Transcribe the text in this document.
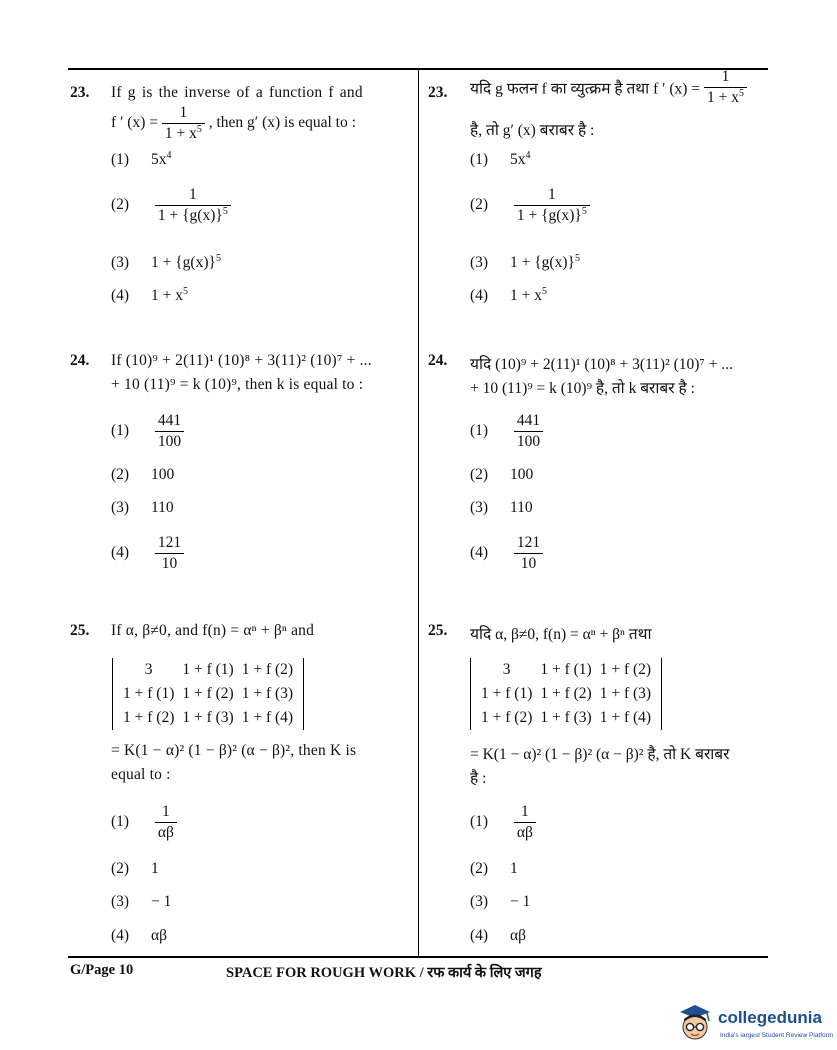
23. If g is the inverse of a function f and
f ′ $(x) = \frac{1}{1 + x^5}$ , then g′ (x) is equal to :
(1) $5x^4$
$(2) \frac{1}{1 + \{g(x)\}^5}$
(3) $1 + \{g(x)\}^5$
(4) $1 + x^5$
24. If (10)⁹ + 2(11)¹ (10)⁸ + 3(11)² (10)⁷ + ...
+ 10 (11)⁹ = k (10)⁹, then k is equal to :
$(1) \frac{441}{100}$
(2) 100
(3) 110
$(4) \frac{121}{10}$
25. If α, β≠0, and f(n) = αⁿ + βⁿ and
3	1 + f (1)	1 + f (2)
1 + f (1)	1 + f (2)	1 + f (3)
1 + f (2)	1 + f (3)	1 + f (4)
= K(1 − α)² (1 − β)² (α − β)², then K is
equal to :
$(1) \frac{1}{\alpha\beta}$
(2) 1
(3) − 1
(4) αβ
23. यदि g फलन f का व्युत्क्रम है तथा f ′ $(x) = \frac{1}{1 + x^5}$
है, तो g′ (x) बराबर है :
(1) $5x^4$
$(2) \frac{1}{1 + \{g(x)\}^5}$
(3) $1 + \{g(x)\}^5$
(4) $1 + x^5$
24. यदि (10)⁹ + 2(11)¹ (10)⁸ + 3(11)² (10)⁷ + ...
+ 10 (11)⁹ = k (10)⁹ है, तो k बराबर है :
$(1) \frac{441}{100}$
(2) 100
(3) 110
$(4) \frac{121}{10}$
25. यदि α, β≠0, f(n) = αⁿ + βⁿ तथा
3	1 + f (1)	1 + f (2)
1 + f (1)	1 + f (2)	1 + f (3)
1 + f (2)	1 + f (3)	1 + f (4)
= K(1 − α)² (1 − β)² (α − β)² है, तो K बराबर
है :
$(1) \frac{1}{\alpha\beta}$
(2) 1
(3) − 1
(4) αβ
G/Page 10	SPACE FOR ROUGH WORK / रफ कार्य के लिए जगह
collegedunia
India's largest Student Review Platform
